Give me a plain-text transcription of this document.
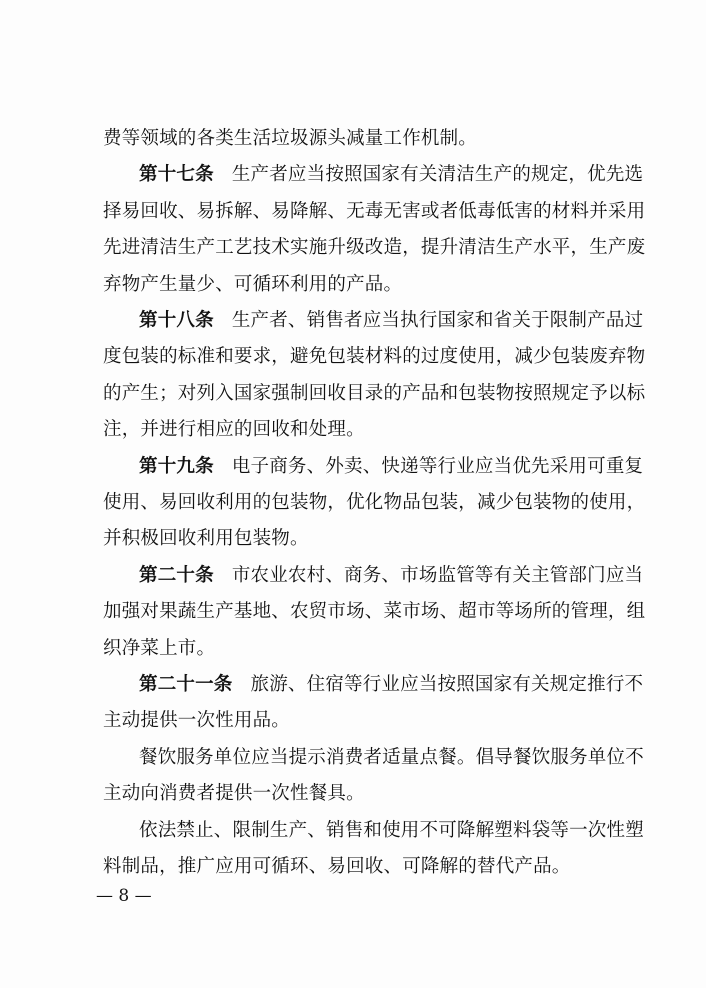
费等领域的各类生活垃圾源头减量工作机制。
第十七条 生产者应当按照国家有关清洁生产的规定，优先选
择易回收、易拆解、易降解、无毒无害或者低毒低害的材料并采用
先进清洁生产工艺技术实施升级改造，提升清洁生产水平，生产废
弃物产生量少、可循环利用的产品。
第十八条 生产者、销售者应当执行国家和省关于限制产品过
度包装的标准和要求，避免包装材料的过度使用，减少包装废弃物
的产生；对列入国家强制回收目录的产品和包装物按照规定予以标
注，并进行相应的回收和处理。
第十九条 电子商务、外卖、快递等行业应当优先采用可重复
使用、易回收利用的包装物，优化物品包装，减少包装物的使用，
并积极回收利用包装物。
第二十条 市农业农村、商务、市场监管等有关主管部门应当
加强对果蔬生产基地、农贸市场、菜市场、超市等场所的管理，组
织净菜上市。
第二十一条 旅游、住宿等行业应当按照国家有关规定推行不
主动提供一次性用品。
餐饮服务单位应当提示消费者适量点餐。倡导餐饮服务单位不
主动向消费者提供一次性餐具。
依法禁止、限制生产、销售和使用不可降解塑料袋等一次性塑
料制品，推广应用可循环、易回收、可降解的替代产品。
— 8 —
